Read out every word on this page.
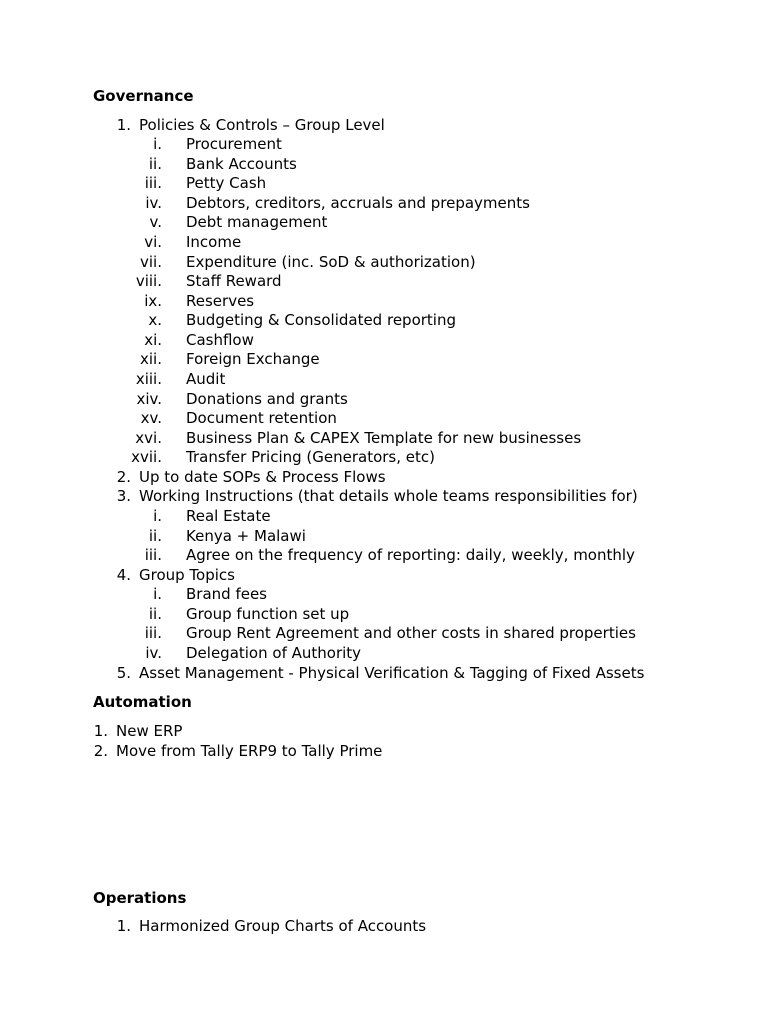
Governance
1. Policies & Controls – Group Level
i. Procurement
ii. Bank Accounts
iii. Petty Cash
iv. Debtors, creditors, accruals and prepayments
v. Debt management
vi. Income
vii. Expenditure (inc. SoD & authorization)
viii. Staff Reward
ix. Reserves
x. Budgeting & Consolidated reporting
xi. Cashflow
xii. Foreign Exchange
xiii. Audit
xiv. Donations and grants
xv. Document retention
xvi. Business Plan & CAPEX Template for new businesses
xvii. Transfer Pricing (Generators, etc)
2. Up to date SOPs & Process Flows
3. Working Instructions (that details whole teams responsibilities for)
i. Real Estate
ii. Kenya + Malawi
iii. Agree on the frequency of reporting: daily, weekly, monthly
4. Group Topics
i. Brand fees
ii. Group function set up
iii. Group Rent Agreement and other costs in shared properties
iv. Delegation of Authority
5. Asset Management - Physical Verification & Tagging of Fixed Assets
Automation
1. New ERP
2. Move from Tally ERP9 to Tally Prime
Operations
1. Harmonized Group Charts of Accounts
